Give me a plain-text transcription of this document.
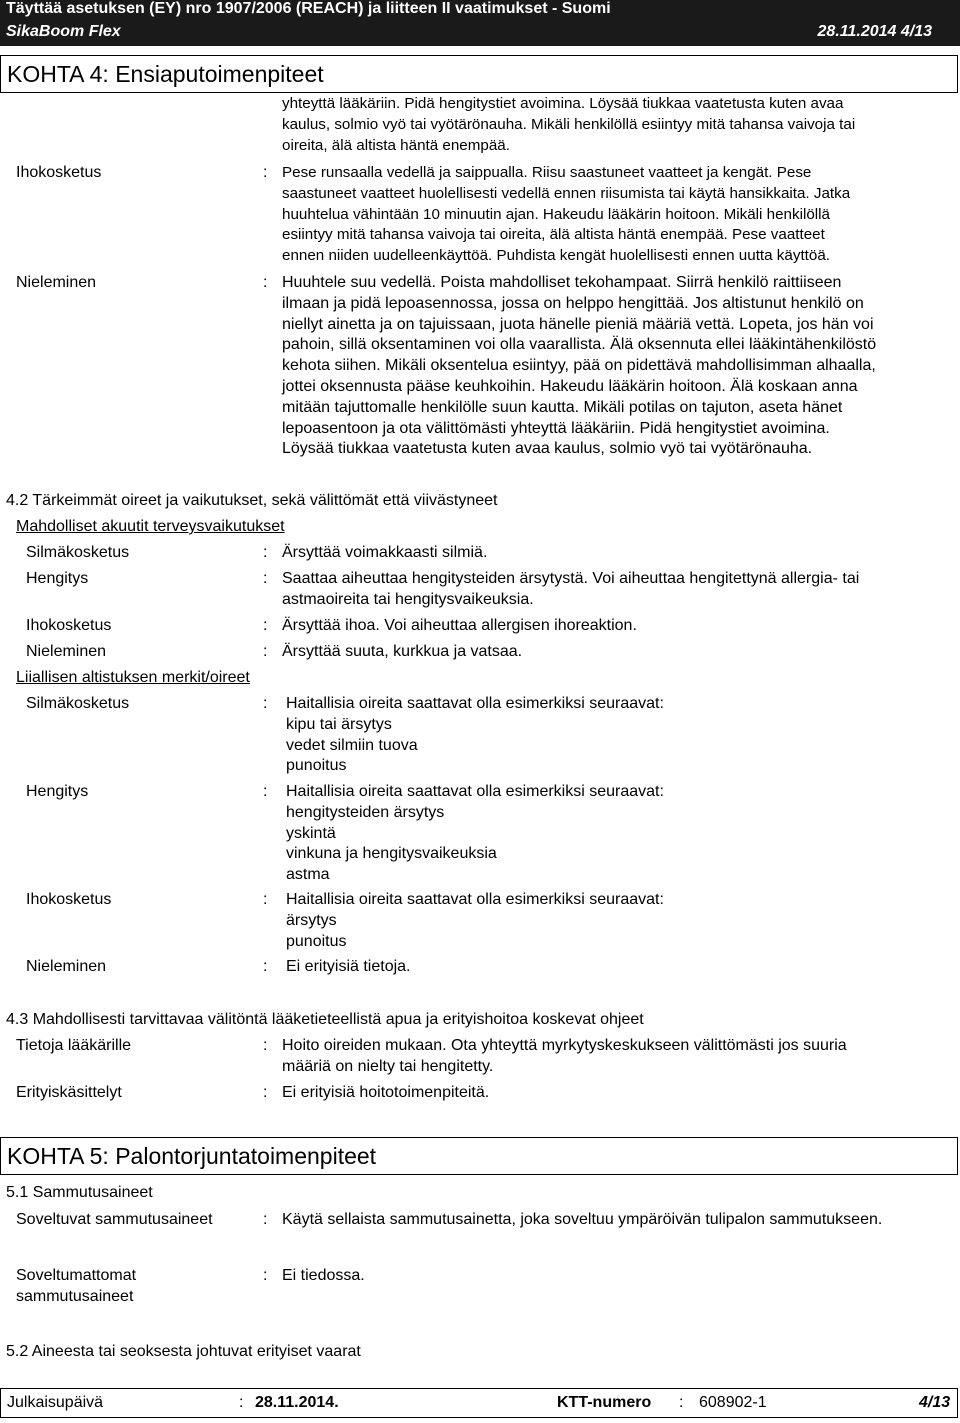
Täyttää asetuksen (EY) nro 1907/2006 (REACH) ja liitteen II vaatimukset - Suomi
SikaBoom Flex	28.11.2014 4/13
KOHTA 4: Ensiaputoimenpiteet
yhteyttä lääkäriin. Pidä hengitystiet avoimina. Löysää tiukkaa vaatetusta kuten avaa
kaulus, solmio vyö tai vyötärönauha. Mikäli henkilöllä esiintyy mitä tahansa vaivoja tai
oireita, älä altista häntä enempää.
Ihokosketus	: Pese runsaalla vedellä ja saippualla. Riisu saastuneet vaatteet ja kengät. Pese
saastuneet vaatteet huolellisesti vedellä ennen riisumista tai käytä hansikkaita. Jatka
huuhtelua vähintään 10 minuutin ajan. Hakeudu lääkärin hoitoon. Mikäli henkilöllä
esiintyy mitä tahansa vaivoja tai oireita, älä altista häntä enempää. Pese vaatteet
ennen niiden uudelleenkäyttöä. Puhdista kengät huolellisesti ennen uutta käyttöä.
Nieleminen	: Huuhtele suu vedellä. Poista mahdolliset tekohampaat. Siirrä henkilö raittiiseen
ilmaan ja pidä lepoasennossa, jossa on helppo hengittää. Jos altistunut henkilö on
niellyt ainetta ja on tajuissaan, juota hänelle pieniä määriä vettä. Lopeta, jos hän voi
pahoin, sillä oksentaminen voi olla vaarallista. Älä oksennuta ellei lääkintähenkilöstö
kehota siihen. Mikäli oksentelua esiintyy, pää on pidettävä mahdollisimman alhaalla,
jottei oksennusta pääse keuhkoihin. Hakeudu lääkärin hoitoon. Älä koskaan anna
mitään tajuttomalle henkilölle suun kautta. Mikäli potilas on tajuton, aseta hänet
lepoasentoon ja ota välittömästi yhteyttä lääkäriin. Pidä hengitystiet avoimina.
Löysää tiukkaa vaatetusta kuten avaa kaulus, solmio vyö tai vyötärönauha.
4.2 Tärkeimmät oireet ja vaikutukset, sekä välittömät että viivästyneet
Mahdolliset akuutit terveysvaikutukset
Silmäkosketus	: Ärsyttää voimakkaasti silmiä.
Hengitys	: Saattaa aiheuttaa hengitysteiden ärsytystä. Voi aiheuttaa hengitettynä allergia- tai
astmaoireita tai hengitysvaikeuksia.
Ihokosketus	: Ärsyttää ihoa. Voi aiheuttaa allergisen ihoreaktion.
Nieleminen	: Ärsyttää suuta, kurkkua ja vatsaa.
Liiallisen altistuksen merkit/oireet
Silmäkosketus	: Haitallisia oireita saattavat olla esimerkiksi seuraavat:
kipu tai ärsytys
vedet silmiin tuova
punoitus
Hengitys	: Haitallisia oireita saattavat olla esimerkiksi seuraavat:
hengitysteiden ärsytys
yskintä
vinkuna ja hengitysvaikeuksia
astma
Ihokosketus	: Haitallisia oireita saattavat olla esimerkiksi seuraavat:
ärsytys
punoitus
Nieleminen	: Ei erityisiä tietoja.
4.3 Mahdollisesti tarvittavaa välitöntä lääketieteellistä apua ja erityishoitoa koskevat ohjeet
Tietoja lääkärille	: Hoito oireiden mukaan. Ota yhteyttä myrkytyskeskukseen välittömästi jos suuria
määriä on nielty tai hengitetty.
Erityiskäsittelyt	: Ei erityisiä hoitotoimenpiteitä.
KOHTA 5: Palontorjuntatoimenpiteet
5.1 Sammutusaineet
Soveltuvat sammutusaineet	: Käytä sellaista sammutusainetta, joka soveltuu ympäröivän tulipalon sammutukseen.
Soveltumattomat
sammutusaineet
: Ei tiedossa.
5.2 Aineesta tai seoksesta johtuvat erityiset vaarat
Julkaisupäivä	: 28.11.2014.	KTT-numero : 608902-1	4/13
